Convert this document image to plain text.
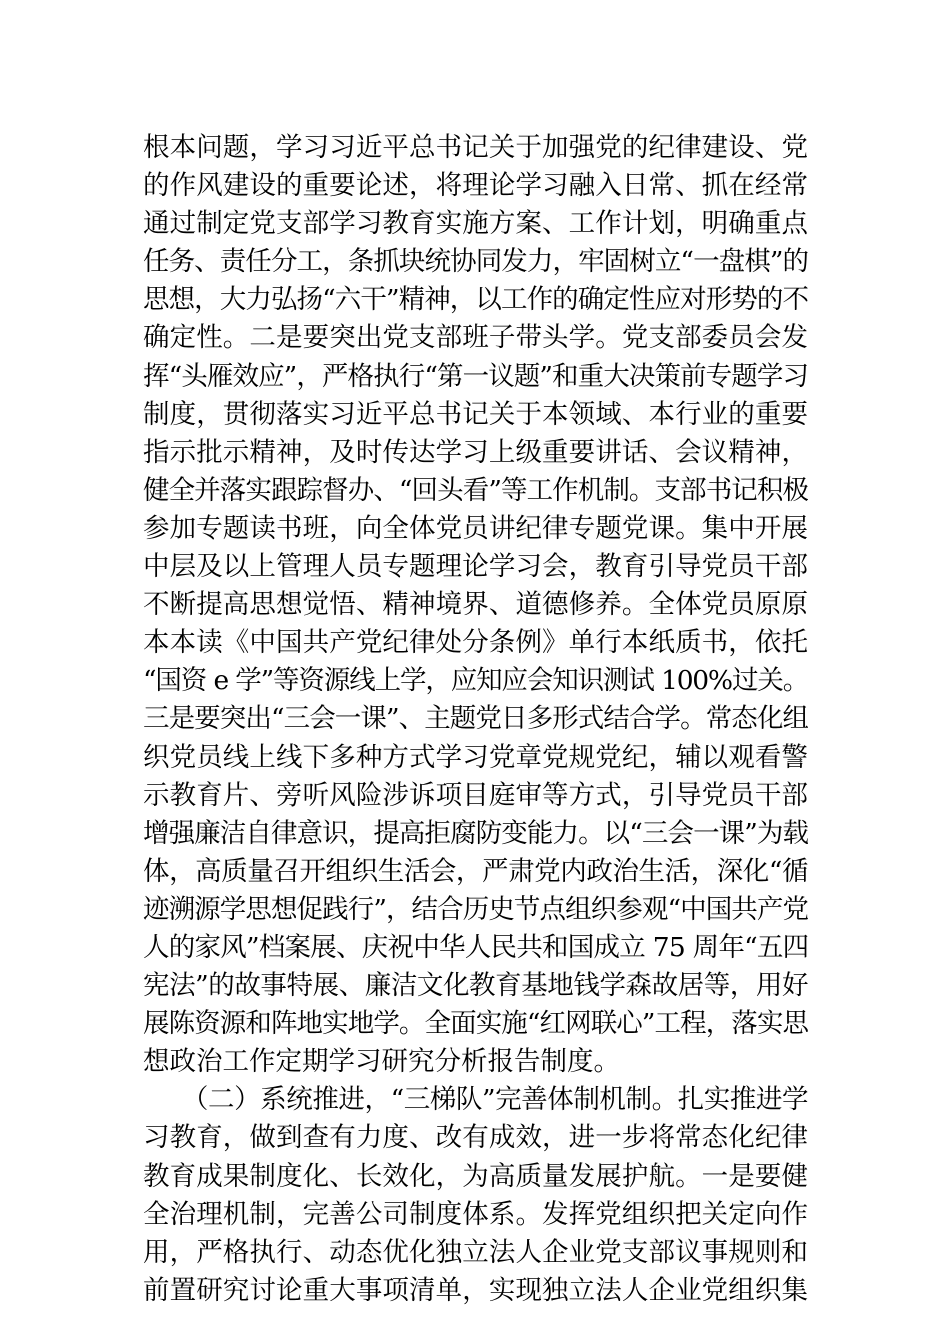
根本问题，学习习近平总书记关于加强党的纪律建设、党
的作风建设的重要论述，将理论学习融入日常、抓在经常
通过制定党支部学习教育实施方案、工作计划，明确重点
任务、责任分工，条抓块统协同发力，牢固树立“一盘棋”的
思想，大力弘扬“六干”精神，以工作的确定性应对形势的不
确定性。二是要突出党支部班子带头学。党支部委员会发
挥“头雁效应”，严格执行“第一议题”和重大决策前专题学习
制度，贯彻落实习近平总书记关于本领域、本行业的重要
指示批示精神，及时传达学习上级重要讲话、会议精神，
健全并落实跟踪督办、“回头看”等工作机制。支部书记积极
参加专题读书班，向全体党员讲纪律专题党课。集中开展
中层及以上管理人员专题理论学习会，教育引导党员干部
不断提高思想觉悟、精神境界、道德修养。全体党员原原
本本读《中国共产党纪律处分条例》单行本纸质书，依托
“国资 e 学”等资源线上学，应知应会知识测试 100%过关。
三是要突出“三会一课”、主题党日多形式结合学。常态化组
织党员线上线下多种方式学习党章党规党纪，辅以观看警
示教育片、旁听风险涉诉项目庭审等方式，引导党员干部
增强廉洁自律意识，提高拒腐防变能力。以“三会一课”为载
体，高质量召开组织生活会，严肃党内政治生活，深化“循
迹溯源学思想促践行”，结合历史节点组织参观“中国共产党
人的家风”档案展、庆祝中华人民共和国成立 75 周年“五四
宪法”的故事特展、廉洁文化教育基地钱学森故居等，用好
展陈资源和阵地实地学。全面实施“红网联心”工程，落实思
想政治工作定期学习研究分析报告制度。
　　（二）系统推进，“三梯队”完善体制机制。扎实推进学
习教育，做到查有力度、改有成效，进一步将常态化纪律
教育成果制度化、长效化，为高质量发展护航。一是要健
全治理机制，完善公司制度体系。发挥党组织把关定向作
用，严格执行、动态优化独立法人企业党支部议事规则和
前置研究讨论重大事项清单，实现独立法人企业党组织集
